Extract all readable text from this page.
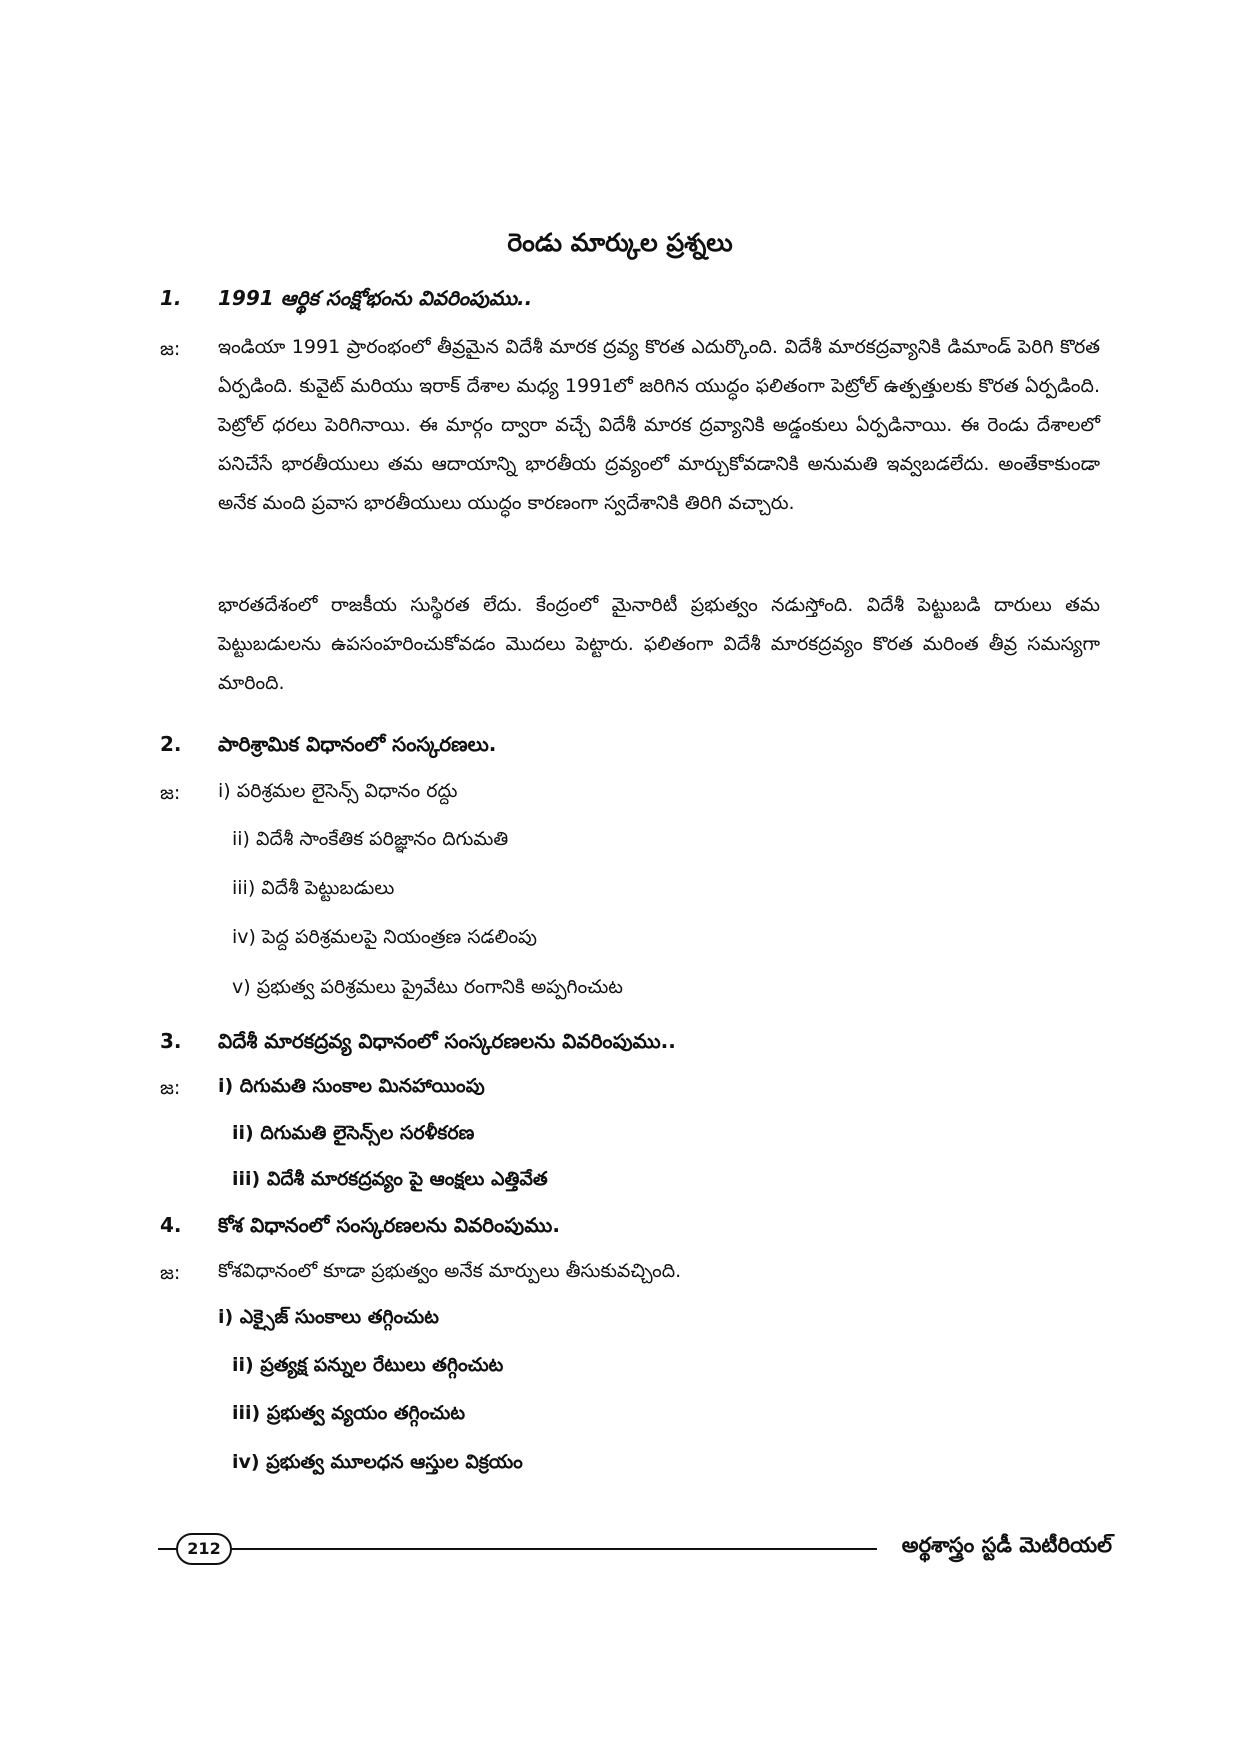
రెండు మార్కుల ప్రశ్నలు
1.	1991 ఆర్థిక సంక్షోభంను వివరింపుము..
జ: ఇండియా 1991 ప్రారంభంలో తీవ్రమైన విదేశీ మారక ద్రవ్య కొరత ఎదుర్కొంది. విదేశీ మారకద్రవ్యానికి డిమాండ్ పెరిగి కొరత ఏర్పడింది. కువైట్ మరియు ఇరాక్ దేశాల మధ్య 1991లో జరిగిన యుద్ధం ఫలితంగా పెట్రోల్ ఉత్పత్తులకు కొరత ఏర్పడింది. పెట్రోల్ ధరలు పెరిగినాయి. ఈ మార్గం ద్వారా వచ్చే విదేశీ మారక ద్రవ్యానికి అడ్డంకులు ఏర్పడినాయి. ఈ రెండు దేశాలలో పనిచేసే భారతీయులు తమ ఆదాయాన్ని భారతీయ ద్రవ్యంలో మార్చుకోవడానికి అనుమతి ఇవ్వబడలేదు. అంతేకాకుండా అనేక మంది ప్రవాస భారతీయులు యుద్ధం కారణంగా స్వదేశానికి తిరిగి వచ్చారు.

భారతదేశంలో రాజకీయ సుస్థిరత లేదు. కేంద్రంలో మైనారిటీ ప్రభుత్వం నడుస్తోంది. విదేశీ పెట్టుబడి దారులు తమ పెట్టుబడులను ఉపసంహరించుకోవడం మొదలు పెట్టారు. ఫలితంగా విదేశీ మారకద్రవ్యం కొరత మరింత తీవ్ర సమస్యగా మారింది.

2.	పారిశ్రామిక విధానంలో సంస్కరణలు.
జ: i) పరిశ్రమల లైసెన్స్ విధానం రద్దు
ii) విదేశీ సాంకేతిక పరిజ్ఞానం దిగుమతి
iii) విదేశీ పెట్టుబడులు
iv) పెద్ద పరిశ్రమలపై నియంత్రణ సడలింపు
v) ప్రభుత్వ పరిశ్రమలు ప్రైవేటు రంగానికి అప్పగించుట
3.	విదేశీ మారకద్రవ్య విధానంలో సంస్కరణలను వివరింపుము..
జ: i) దిగుమతి సుంకాల మినహాయింపు
ii) దిగుమతి లైసెన్స్‌ల సరళీకరణ
iii) విదేశీ మారకద్రవ్యం పై ఆంక్షలు ఎత్తివేత
4.	కోశ విధానంలో సంస్కరణలను వివరింపుము.
జ: కోశవిధానంలో కూడా ప్రభుత్వం అనేక మార్పులు తీసుకువచ్చింది.
i) ఎక్సైజ్ సుంకాలు తగ్గించుట
ii) ప్రత్యక్ష పన్నుల రేటులు తగ్గించుట
iii) ప్రభుత్వ వ్యయం తగ్గించుట
iv) ప్రభుత్వ మూలధన ఆస్తుల విక్రయం
212	అర్థశాస్త్రం స్టడీ మెటీరియల్
